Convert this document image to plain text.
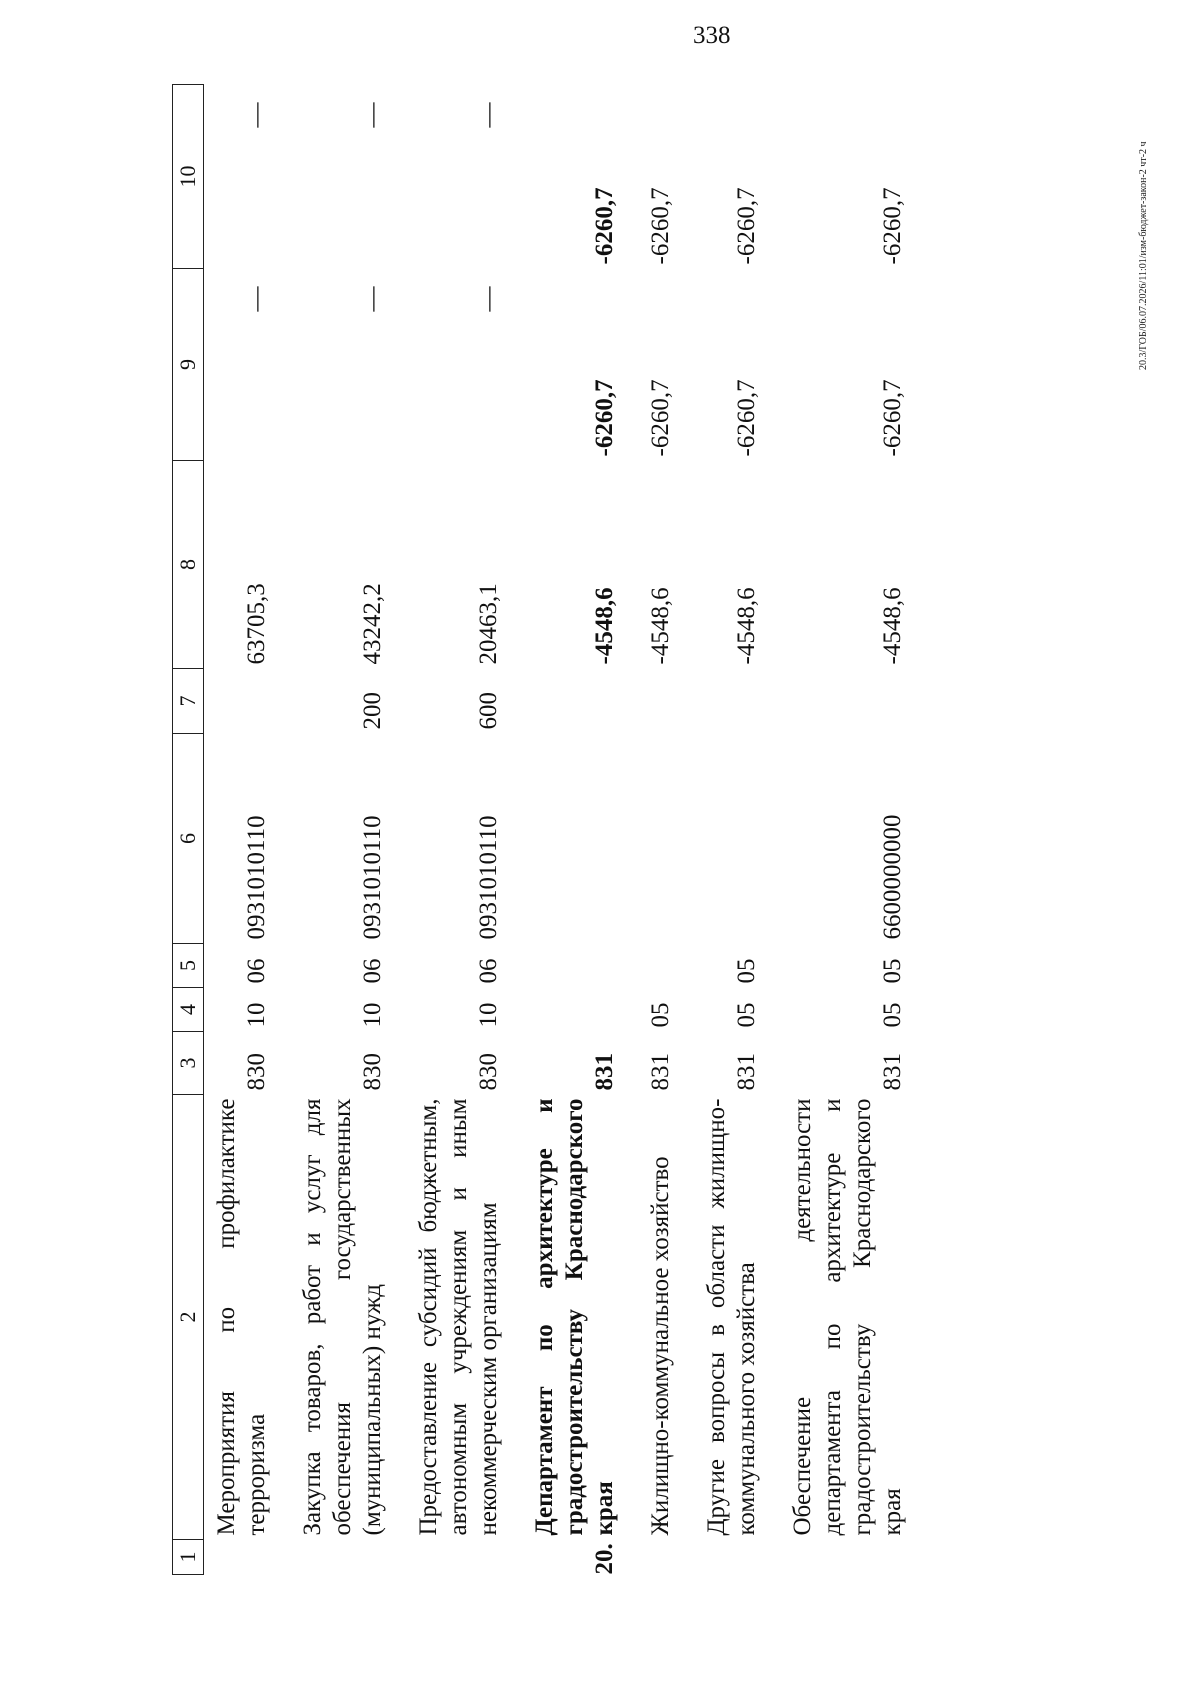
338
20.3/ГОБ/06.07.2026/11:01/изм-бюджет-закон-2 чт-2 ч
1	2	3	4	5	6	7	8	9	10
	Мероприятия по профилактике терроризма	830	10	06	0931010110		63705,3	—	—
	Закупка товаров, работ и услуг для обеспечения государственных (муниципальных) нужд	830	10	06	0931010110	200	43242,2	—	—
	Предоставление субсидий бюджетным, автономным учреждениям и иным некоммерческим организациям	830	10	06	0931010110	600	20463,1	—	—
20.	Департамент по архитектуре и градостроительству Краснодарского края	831					-4548,6	-6260,7	-6260,7
	Жилищно-коммунальное хозяйство	831	05				-4548,6	-6260,7	-6260,7
	Другие вопросы в области жилищно-коммунального хозяйства	831	05	05			-4548,6	-6260,7	-6260,7
	Обеспечение деятельности департамента по архитектуре и градостроительству Краснодарского края	831	05	05	6600000000		-4548,6	-6260,7	-6260,7
